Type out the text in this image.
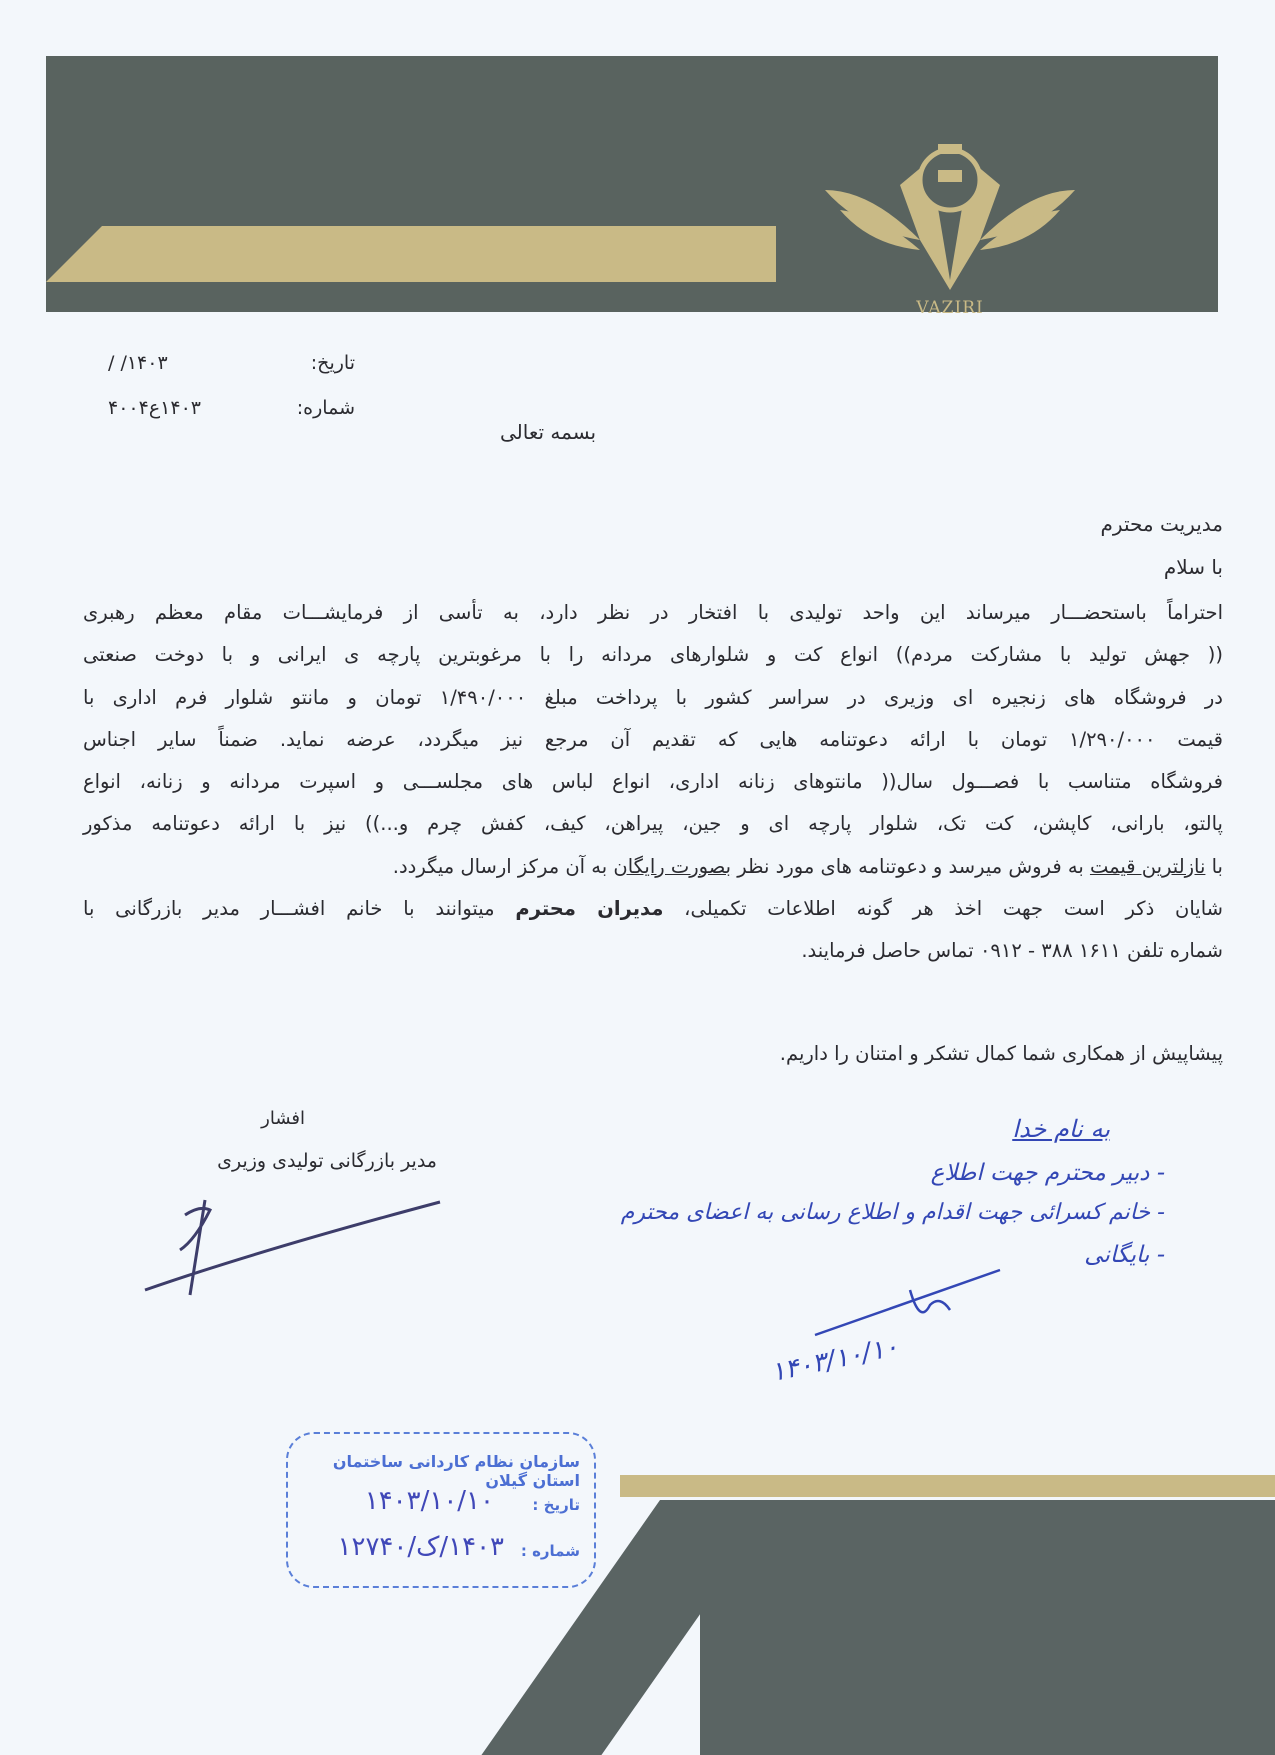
VAZIRI
تاریخ:
۱۴۰۳/ /
شماره:
۱۴۰۳ع۴۰۰۴
بسمه تعالی
مدیریت محترم
با سلام
احتراماً باستحضـــار میرساند این واحد تولیدی با افتخار در نظر دارد، به تأسی از فرمایشـــات مقام معظم رهبری
(( جهش تولید با مشارکت مردم)) انواع کت و شلوارهای مردانه را با مرغوبترین پارچه ی ایرانی و با دوخت صنعتی
در فروشگاه های زنجیره ای وزیری در سراسر کشور با پرداخت مبلغ ۱/۴۹۰/۰۰۰ تومان و مانتو شلوار فرم اداری با
قیمت ۱/۲۹۰/۰۰۰ تومان با ارائه دعوتنامه هایی که تقدیم آن مرجع نیز میگردد، عرضه نماید. ضمناً سایر اجناس
فروشگاه متناسب با فصـــول سال(( مانتوهای زنانه اداری، انواع لباس های مجلســـی و اسپرت مردانه و زنانه، انواع
پالتو، بارانی، کاپشن، کت تک، شلوار پارچه ای و جین، پیراهن، کیف، کفش چرم و...)) نیز با ارائه دعوتنامه مذکور
با نازلترین قیمت به فروش میرسد و دعوتنامه های مورد نظر بصورت رایگان به آن مرکز ارسال میگردد.
شایان ذکر است جهت اخذ هر گونه اطلاعات تکمیلی، مدیران محترم میتوانند با خانم افشـــار مدیر بازرگانی با
شماره تلفن ۱۶۱۱ ۳۸۸ - ۰۹۱۲ تماس حاصل فرمایند.
پیشاپیش از همکاری شما کمال تشکر و امتنان را داریم.
افشار
مدیر بازرگانی تولیدی وزیری
به نام خدا
- دبیر محترم جهت اطلاع
- خانم کسرائی جهت اقدام و اطلاع رسانی به اعضای محترم
- بایگانی
۱۴۰۳/۱۰/۱۰
سازمان نظام کاردانی ساختمان استان گیلان
تاریخ :
۱۴۰۳/۱۰/۱۰
شماره :
۱۴۰۳/ک/۱۲۷۴۰
